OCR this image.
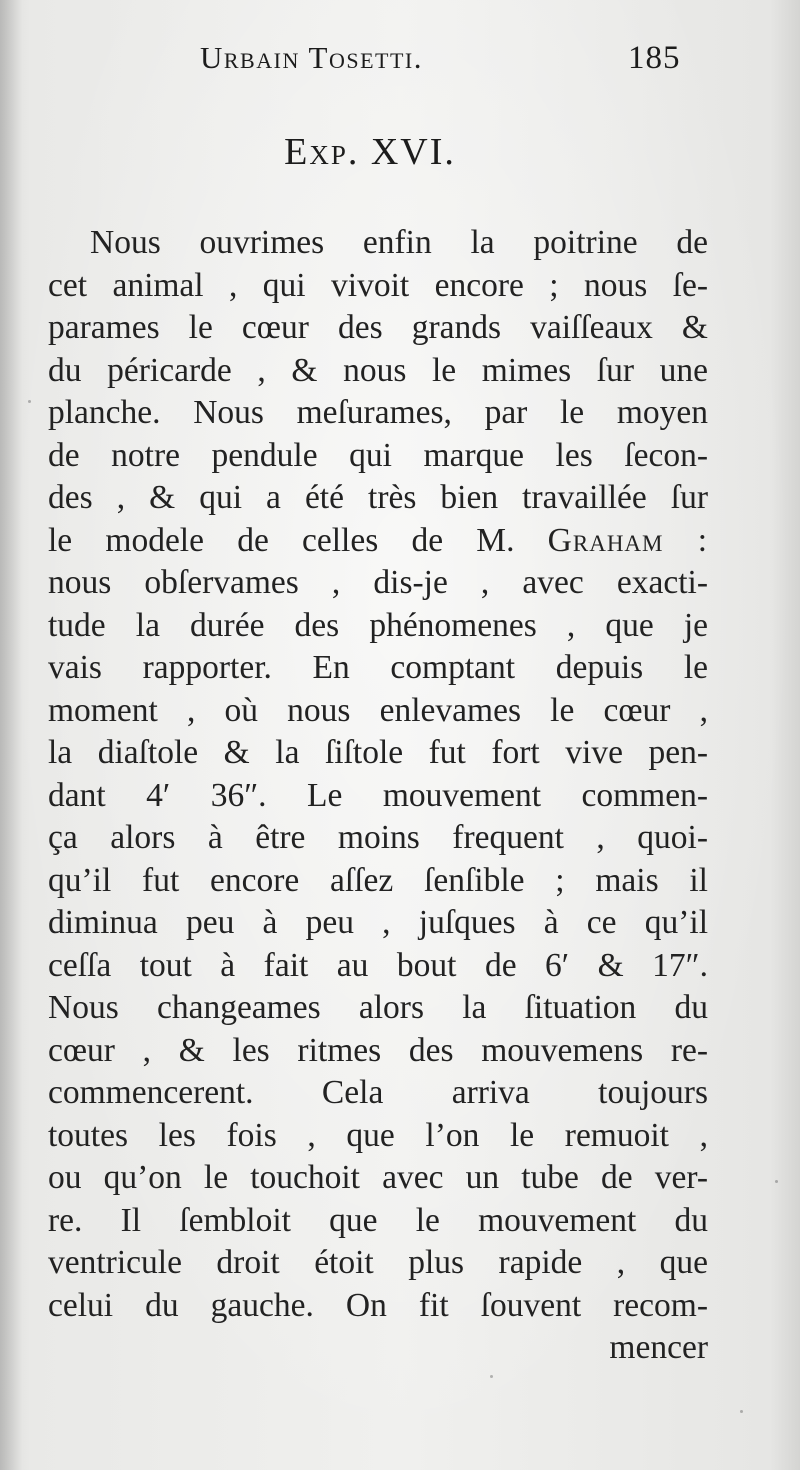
Urbain Tosetti.	185
Exp. XVI.
Nous ouvrimes enfin la poitrine de
cet animal , qui vivoit encore ; nous ſe-
parames le cœur des grands vaiſſeaux &
du péricarde , & nous le mimes ſur une
planche. Nous meſurames, par le moyen
de notre pendule qui marque les ſecon-
des , & qui a été très bien travaillée ſur
le modele de celles de M. Graham :
nous obſervames , dis-je , avec exacti-
tude la durée des phénomenes , que je
vais rapporter. En comptant depuis le
moment , où nous enlevames le cœur ,
la diaſtole & la ſiſtole fut fort vive pen-
dant 4′ 36″. Le mouvement commen-
ça alors à être moins frequent , quoi-
qu’il fut encore aſſez ſenſible ; mais il
diminua peu à peu , juſques à ce qu’il
ceſſa tout à fait au bout de 6′ & 17″.
Nous changeames alors la ſituation du
cœur , & les ritmes des mouvemens re-
commencerent. Cela arriva toujours
toutes les fois , que l’on le remuoit ,
ou qu’on le touchoit avec un tube de ver-
re. Il ſembloit que le mouvement du
ventricule droit étoit plus rapide , que
celui du gauche. On fit ſouvent recom-
mencer
